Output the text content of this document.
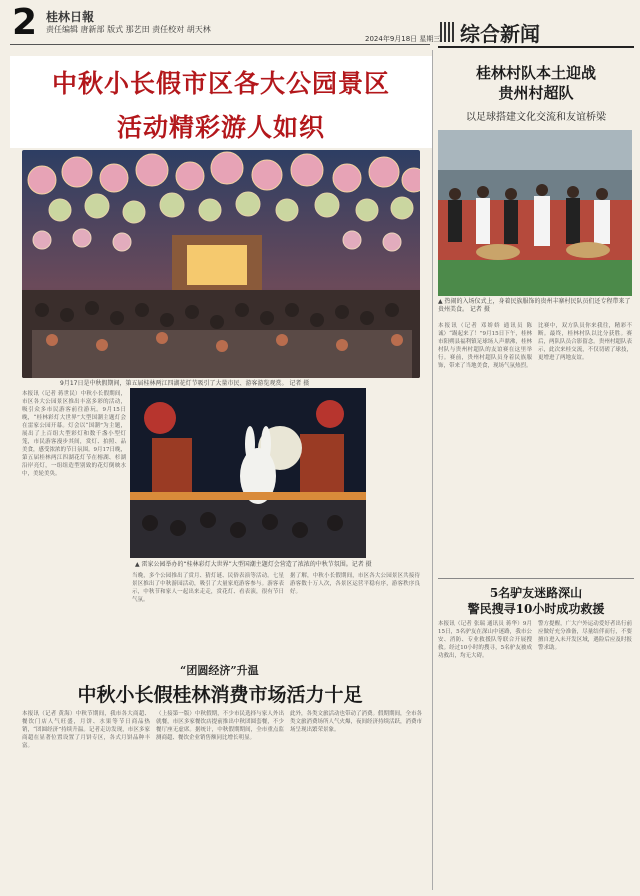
2 桂林日報
责任编辑 唐新部 版式 那艺田 责任校对 胡天林
2024年9月18日 星期三 综合新闻
中秋小长假市区各大公园景区
活动精彩游人如织
9月17日是中秋假期间，第五届桂林两江四湖花灯节吸引了大量市民、游客游览观赏。 记者 摄
▲ 雷家公园举办的“桂林彩灯大世界”大型国潮主题灯会营造了浓浓的中秋节氛围。记者 摄
本报讯（记者 蒋世民）中秋小长假期间，市区各大公园景区推出丰富多彩的活动，吸引众多市民游客前往游玩。9月15日晚，“桂林彩灯大世界”大型国潮主题灯会在雷家公园开幕。灯会以“国潮”为主题，展出了上百组大型彩灯和数千盏小型灯笼，市民游客漫步其间，赏灯、拍照、品美食，感受浓浓的节日氛围。9月17日晚，第五届桂林两江四湖花灯节在榕湖、杉湖沿岸亮灯，一组组造型别致的花灯倒映水中，美轮美奂。
当晚，多个公园推出了赏月、猜灯谜、民俗表演等活动。七星景区推出了中秋游园活动，吸引了大量家庭游客参与。游客表示，中秋节和家人一起出来走走，赏花灯、看表演，很有节日气氛。
据了解，中秋小长假期间，市区各大公园景区共接待游客数十万人次，各景区运营平稳有序，游客秩序良好。
“团圆经济”升温
中秋小长假桂林消费市场活力十足
本报讯（记者 黄海）中秋节期间，我市各大商超、餐饮门店人气旺盛，月饼、水果等节日商品热销，“团圆经济”持续升温。记者走访发现，市区多家商超在显著位置设置了月饼专区，各式月饼品种丰富。
（上接第一版）中秋假期，不少市民选择与家人外出就餐，市区多家餐饮店提前推出中秋团圆套餐，不少餐厅座无虚席。据统计，中秋假期期间，全市重点监测商超、餐饮企业销售额同比增长明显。
此外，各类文旅活动也带动了消费。假期期间，全市各类文旅消费场所人气火爆，夜间经济持续活跃，消费市场呈现出繁荣景象。
桂林村队本土迎战
贵州村超队
以足球搭建文化交流和友谊桥梁
▲ 热闹的入场仪式上，身着民族服饰的贵州丰寨村民队员们还专程带来了贵州美食。 记者 摄
本报讯（记者 邓娇娇 通讯员 陈诚）“踢起来了！”9月15日下午，桂林市阳朔县福利镇足球场人声鼎沸，桂林村队与贵州村超队的友谊赛在这里举行。赛前，贵州村超队员身着民族服饰，带来了当地美食，现场气氛热烈。
比赛中，双方队员你来我往，精彩不断。最终，桂林村队以比分获胜。赛后，两队队员合影留念。贵州村超队表示，此次来桂交流，不仅切磋了球技，更增进了两地友谊。
5名驴友迷路深山
警民搜寻10小时成功救援
本报讯（记者 张瑞 通讯员 蒋华）9月15日，5名驴友在深山中迷路，我市公安、消防、专业救援队等联合开展搜救。经过10小时的搜寻，5名驴友被成功救出，均无大碍。
警方提醒，广大户外运动爱好者出行前应做好充分准备，尽量结伴而行，不要擅自进入未开发区域，遇险后应及时报警求助。
